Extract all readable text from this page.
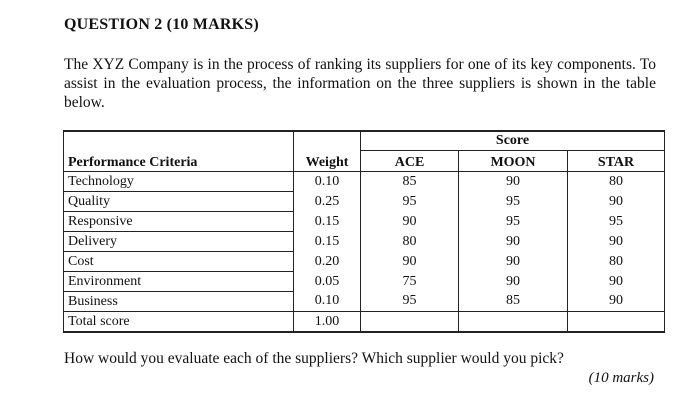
QUESTION 2 (10 MARKS)
The XYZ Company is in the process of ranking its suppliers for one of its key components. To assist in the evaluation process, the information on the three suppliers is shown in the table below.
		Score		
Performance Criteria	Weight	ACE	MOON	STAR
Technology	0.10	85	90	80
Quality	0.25	95	95	90
Responsive	0.15	90	95	95
Delivery	0.15	80	90	90
Cost	0.20	90	90	80
Environment	0.05	75	90	90
Business	0.10	95	85	90
Total score	1.00			
How would you evaluate each of the suppliers? Which supplier would you pick?
(10 marks)
